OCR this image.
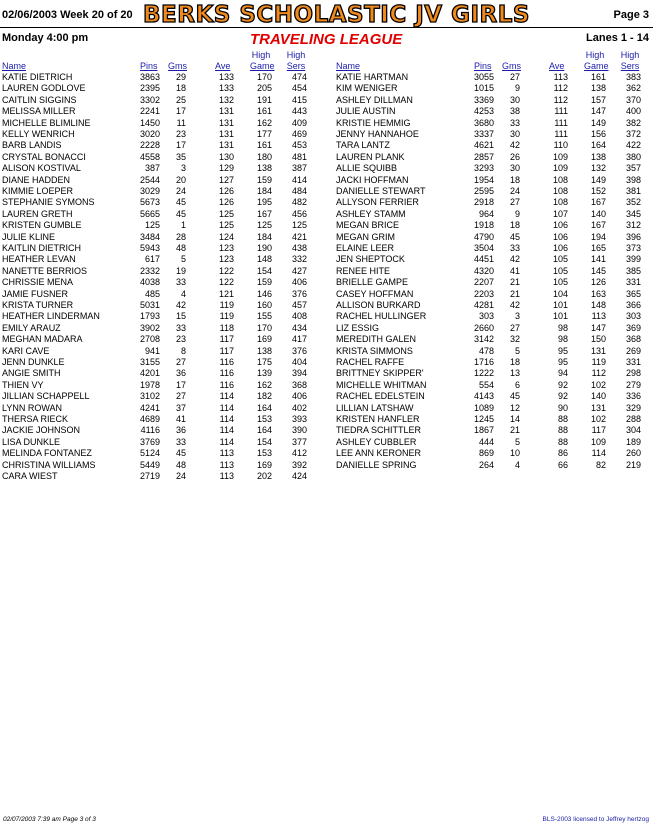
02/06/2003 Week 20 of 20 BERKS SCHOLASTIC JV GIRLS	Page 3
Monday 4:00 pm	TRAVELING LEAGUE	Lanes 1 - 14
High High
Name	Pins Gms	Ave Game Sers
KATIE DIETRICH	3863	29	133	170	474
LAUREN GODLOVE	2395	18	133	205	454
CAITLIN SIGGINS	3302	25	132	191	415
MELISSA MILLER	2241	17	131	161	443
MICHELLE BLIMLINE	1450	11	131	162	409
KELLY WENRICH	3020	23	131	177	469
BARB LANDIS	2228	17	131	161	453
CRYSTAL BONACCI	4558	35	130	180	481
ALISON KOSTIVAL	387	3	129	138	387
DIANE HADDEN	2544	20	127	159	414
KIMMIE LOEPER	3029	24	126	184	484
STEPHANIE SYMONS	5673	45	126	195	482
LAUREN GRETH	5665	45	125	167	456
KRISTEN GUMBLE	125	1	125	125	125
JULIE KLINE	3484	28	124	184	421
KAITLIN DIETRICH	5943	48	123	190	438
HEATHER LEVAN	617	5	123	148	332
NANETTE BERRIOS	2332	19	122	154	427
CHRISSIE MENA	4038	33	122	159	406
JAMIE FUSNER	485	4	121	146	376
KRISTA TURNER	5031	42	119	160	457
HEATHER LINDERMAN	1793	15	119	155	408
EMILY ARAUZ	3902	33	118	170	434
MEGHAN MADARA	2708	23	117	169	417
KARI CAVE	941	8	117	138	376
JENN DUNKLE	3155	27	116	175	404
ANGIE SMITH	4201	36	116	139	394
THIEN VY	1978	17	116	162	368
JILLIAN SCHAPPELL	3102	27	114	182	406
LYNN ROWAN	4241	37	114	164	402
THERSA RIECK	4689	41	114	153	393
JACKIE JOHNSON	4116	36	114	164	390
LISA DUNKLE	3769	33	114	154	377
MELINDA FONTANEZ	5124	45	113	153	412
CHRISTINA WILLIAMS	5449	48	113	169	392
CARA WIEST	2719	24	113	202	424
High High
Name	Pins Gms	Ave Game Sers
KATIE HARTMAN	3055	27	113	161	383
KIM WENIGER	1015	9	112	138	362
ASHLEY DILLMAN	3369	30	112	157	370
JULIE AUSTIN	4253	38	111	147	400
KRISTIE HEMMIG	3680	33	111	149	382
JENNY HANNAHOE	3337	30	111	156	372
TARA LANTZ	4621	42	110	164	422
LAUREN PLANK	2857	26	109	138	380
ALLIE SQUIBB	3293	30	109	132	357
JACKI HOFFMAN	1954	18	108	149	398
DANIELLE STEWART	2595	24	108	152	381
ALLYSON FERRIER	2918	27	108	167	352
ASHLEY STAMM	964	9	107	140	345
MEGAN BRICE	1918	18	106	167	312
MEGAN GRIM	4790	45	106	194	396
ELAINE LEER	3504	33	106	165	373
JEN SHEPTOCK	4451	42	105	141	399
RENEE HITE	4320	41	105	145	385
BRIELLE GAMPE	2207	21	105	126	331
CASEY HOFFMAN	2203	21	104	163	365
ALLISON BURKARD	4281	42	101	148	366
RACHEL HULLINGER	303	3	101	113	303
LIZ ESSIG	2660	27	98	147	369
MEREDITH GALEN	3142	32	98	150	368
KRISTA SIMMONS	478	5	95	131	269
RACHEL RAFFE	1716	18	95	119	331
BRITTNEY SKIPPER'	1222	13	94	112	298
MICHELLE WHITMAN	554	6	92	102	279
RACHEL EDELSTEIN	4143	45	92	140	336
LILLIAN LATSHAW	1089	12	90	131	329
KRISTEN HANFLER	1245	14	88	102	288
TIEDRA SCHITTLER	1867	21	88	117	304
ASHLEY CUBBLER	444	5	88	109	189
LEE ANN KERONER	869	10	86	114	260
DANIELLE SPRING	264	4	66	82	219
02/07/2003 7:39 am Page 3 of 3	BLS-2003 licensed to Jeffrey hertzog
